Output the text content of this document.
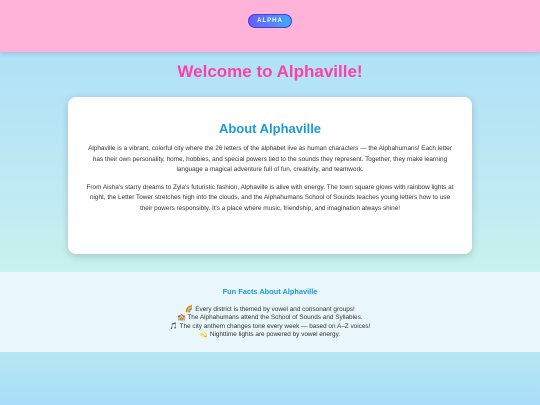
ALPHA
Welcome to Alphaville!
About Alphaville

Alphaville is a vibrant, colorful city where the 26 letters of the alphabet live as human characters — the Alphahumans! Each letter has their own personality, home, hobbies, and special powers tied to the sounds they represent. Together, they make learning language a magical adventure full of fun, creativity, and teamwork.

From Aisha's starry dreams to Zyla's futuristic fashion, Alphaville is alive with energy. The town square glows with rainbow lights at night, the Letter Tower stretches high into the clouds, and the Alphahumans School of Sounds teaches young letters how to use their powers responsibly. It's a place where music, friendship, and imagination always shine!

Fun Facts About Alphaville
🌈 Every district is themed by vowel and consonant groups!
🏫 The Alphahumans attend the School of Sounds and Syllables.
🎵 The city anthem changes tone every week — based on A–Z voices!
💫 Nighttime lights are powered by vowel energy.
